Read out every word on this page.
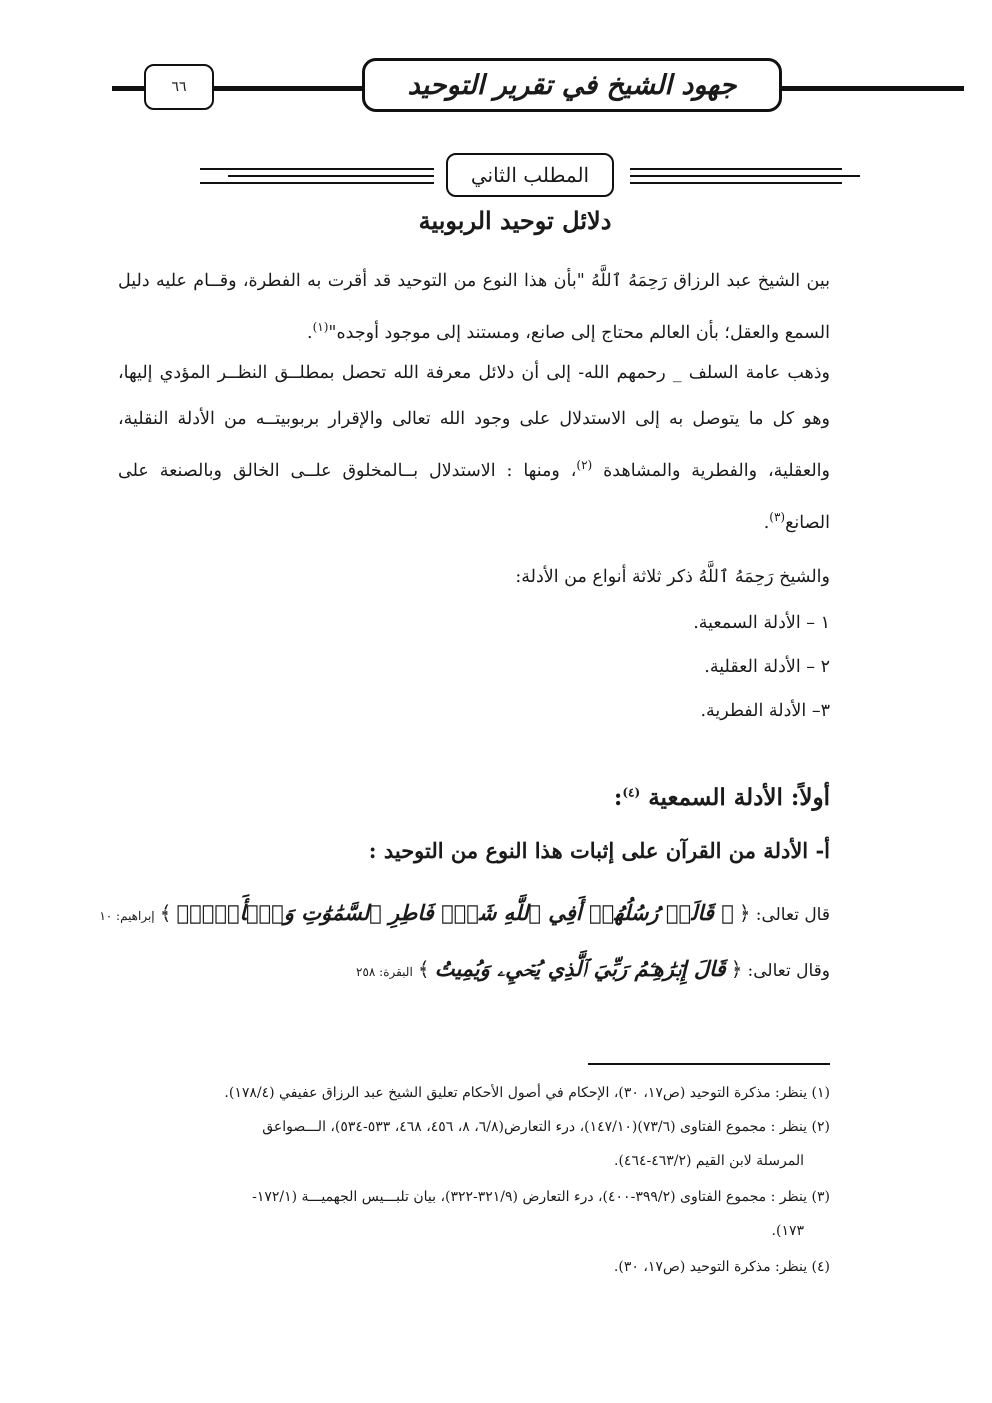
٦٦	جهود الشيخ في تقرير التوحيد
المطلب الثاني
دلائل توحيد الربوبية
بين الشيخ عبد الرزاق رَحِمَهُ ٱللَّهُ "بأن هذا النوع من التوحيد قد أقرت به الفطرة، وقــام عليه دليل السمع والعقل؛ بأن العالم محتاج إلى صانع، ومستند إلى موجود أوجده"$^{(١)}$.
وذهب عامة السلف _ رحمهم الله- إلى أن دلائل معرفة الله تحصل بمطلــق النظــر المؤدي إليها، وهو كل ما يتوصل به إلى الاستدلال على وجود الله تعالى والإقرار بربوبيتــه من الأدلة النقلية، والعقلية، والفطرية والمشاهدة $^{(٢)}$، ومنها : الاستدلال بــالمخلوق علــى الخالق وبالصنعة على الصانع$^{(٣)}$.
والشيخ رَحِمَهُ ٱللَّهُ ذكر ثلاثة أنواع من الأدلة:
١ – الأدلة السمعية.
٢ – الأدلة العقلية.
٣– الأدلة الفطرية.
أولاً: الأدلة السمعية $^{(٤)}$:
أ- الأدلة من القرآن على إثبات هذا النوع من التوحيد :
قال تعالى: ﴿ ۞ قَالَتۡ رُسُلُهُمۡ أَفِي ٱللَّهِ شَكّٞ فَاطِرِ ٱلسَّمَٰوَٰتِ وَٱلۡأَرۡضِۖ ﴾ إبراهيم: ١٠
وقال تعالى: ﴿ قَالَ إِبۡرَٰهِـۧمُ رَبِّيَ ٱلَّذِي يُحۡيِۦ وَيُمِيتُ ﴾ البقرة: ٢٥٨
(١) ينظر: مذكرة التوحيد (ص١٧، ٣٠)، الإحكام في أصول الأحكام تعليق الشيخ عبد الرزاق عفيفي (١٧٨/٤).
(٢) ينظر : مجموع الفتاوى (٧٣/٦)(١٤٧/١٠)، درء التعارض(٦/٨، ٨، ٤٥٦، ٤٦٨، ٥٣٣-٥٣٤)، الـــصواعق
المرسلة لابن القيم (٤٦٣/٢-٤٦٤).
(٣) ينظر : مجموع الفتاوى (٣٩٩/٢-٤٠٠)، درء التعارض (٣٢١/٩-٣٢٢)، بيان تلبـــيس الجهميـــة (١٧٢/١-
١٧٣).
(٤) ينظر: مذكرة التوحيد (ص١٧، ٣٠).
